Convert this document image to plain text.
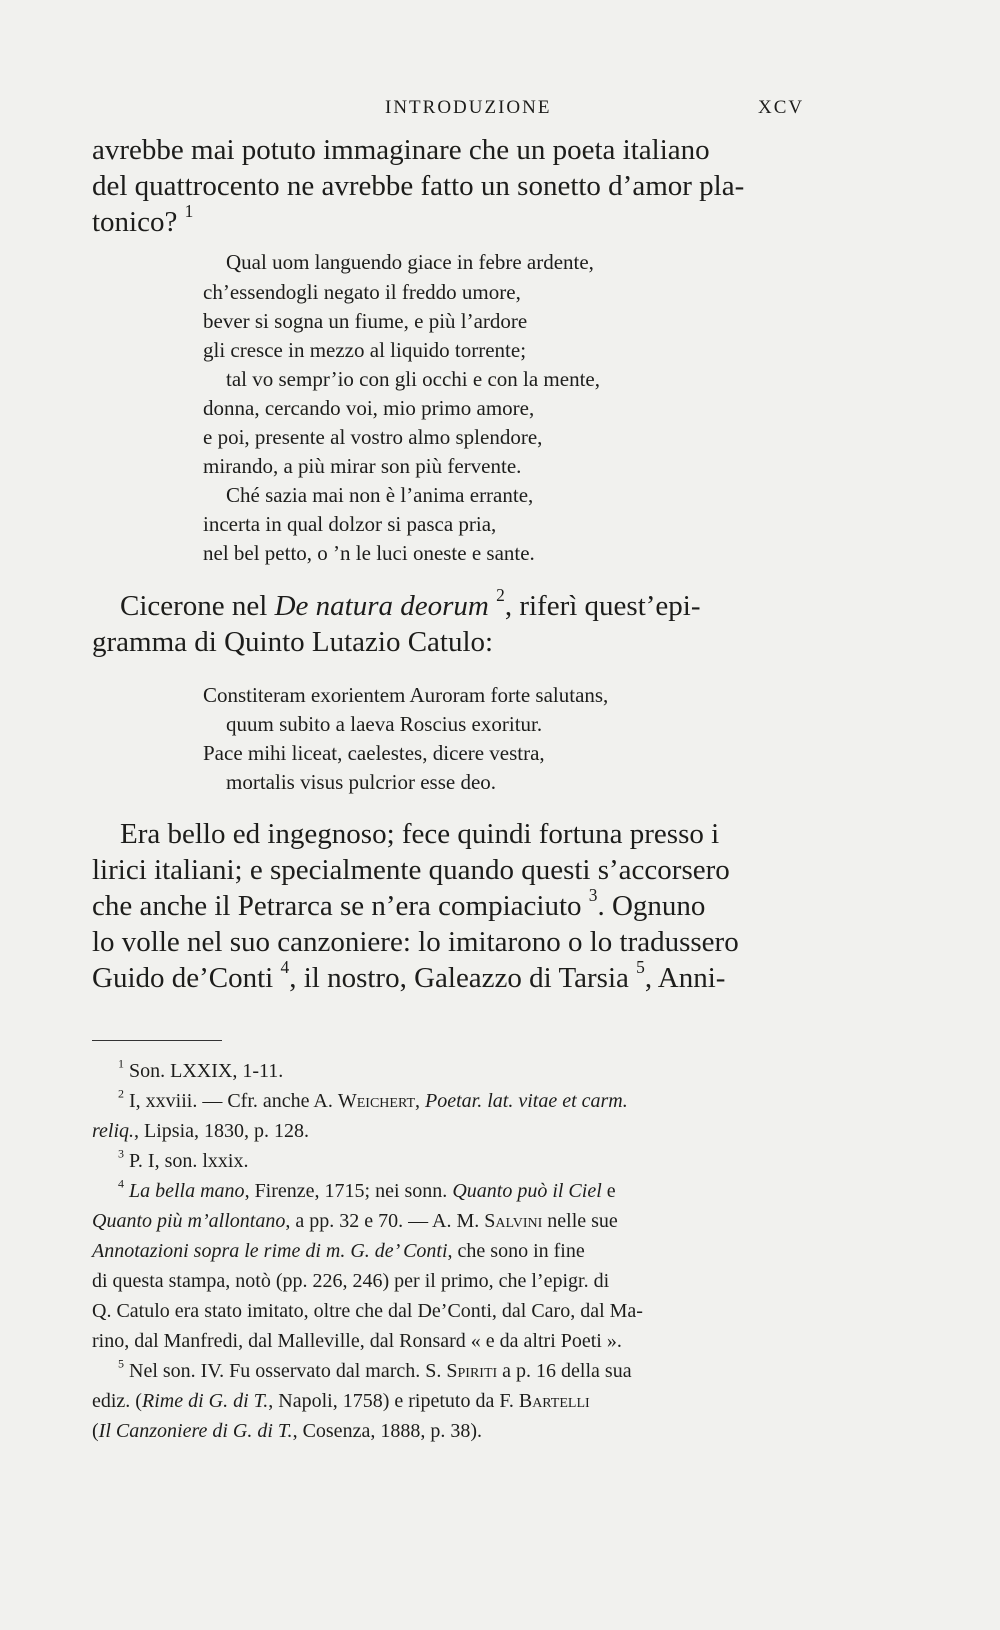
INTRODUZIONE	XCV
avrebbe mai potuto immaginare che un poeta italiano
del quattrocento ne avrebbe fatto un sonetto d’amor pla-
tonico? $^1$
Qual uom languendo giace in febre ardente,
ch’essendogli negato il freddo umore,
bever si sogna un fiume, e più l’ardore
gli cresce in mezzo al liquido torrente;
tal vo sempr’io con gli occhi e con la mente,
donna, cercando voi, mio primo amore,
e poi, presente al vostro almo splendore,
mirando, a più mirar son più fervente.
Ché sazia mai non è l’anima errante,
incerta in qual dolzor si pasca pria,
nel bel petto, o ’n le luci oneste e sante.
Cicerone nel De natura deorum $^2$, riferì quest’epi-
gramma di Quinto Lutazio Catulo:
Constiteram exorientem Auroram forte salutans,
quum subito a laeva Roscius exoritur.
Pace mihi liceat, caelestes, dicere vestra,
mortalis visus pulcrior esse deo.
Era bello ed ingegnoso; fece quindi fortuna presso i
lirici italiani; e specialmente quando questi s’accorsero
che anche il Petrarca se n’era compiaciuto $^3$. Ognuno
lo volle nel suo canzoniere: lo imitarono o lo tradussero
Guido de’Conti $^4$, il nostro, Galeazzo di Tarsia $^5$, Anni-
$^1$ Son. LXXIX, 1-11.
$^2$ I, xxviii. — Cfr. anche A. Weichert, Poetar. lat. vitae et carm.
reliq., Lipsia, 1830, p. 128.
$^3$ P. I, son. lxxix.
$^4$ La bella mano, Firenze, 1715; nei sonn. Quanto può il Ciel e
Quanto più m’allontano, a pp. 32 e 70. — A. M. Salvini nelle sue
Annotazioni sopra le rime di m. G. de’ Conti, che sono in fine
di questa stampa, notò (pp. 226, 246) per il primo, che l’epigr. di
Q. Catulo era stato imitato, oltre che dal De’Conti, dal Caro, dal Ma-
rino, dal Manfredi, dal Malleville, dal Ronsard « e da altri Poeti ».
$^5$ Nel son. IV. Fu osservato dal march. S. Spiriti a p. 16 della sua
ediz. (Rime di G. di T., Napoli, 1758) e ripetuto da F. Bartelli
(Il Canzoniere di G. di T., Cosenza, 1888, p. 38).
